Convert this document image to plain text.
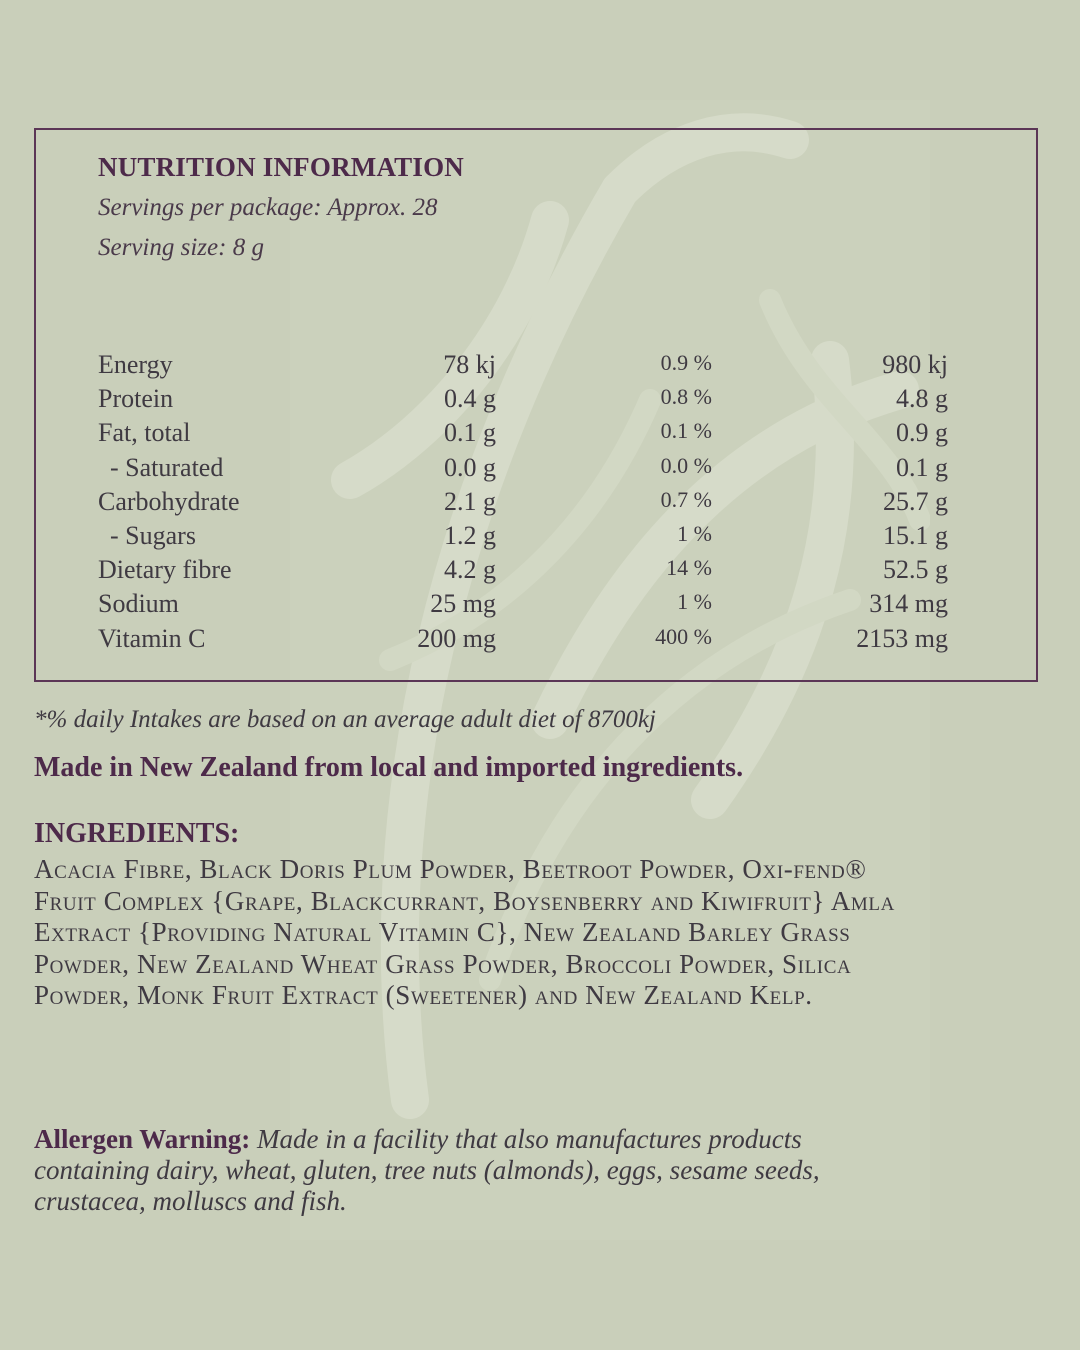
NUTRITION INFORMATION
Servings per package: Approx. 28
Serving size: 8 g
Energy	78 kj	0.9 %	980 kj
Protein	0.4 g	0.8 %	4.8 g
Fat, total	0.1 g	0.1 %	0.9 g
- Saturated	0.0 g	0.0 %	0.1 g
Carbohydrate	2.1 g	0.7 %	25.7 g
- Sugars	1.2 g	1 %	15.1 g
Dietary fibre	4.2 g	14 %	52.5 g
Sodium	25 mg	1 %	314 mg
Vitamin C	200 mg	400 %	2153 mg
*% daily Intakes are based on an average adult diet of 8700kj
Made in New Zealand from local and imported ingredients.
INGREDIENTS:
Acacia Fibre, Black Doris Plum Powder, Beetroot Powder, Oxi-fend® Fruit Complex {Grape, Blackcurrant, Boysenberry and Kiwifruit} Amla Extract {Providing Natural Vitamin C}, New Zealand Barley Grass Powder, New Zealand Wheat Grass Powder, Broccoli Powder, Silica Powder, Monk Fruit Extract (Sweetener) and New Zealand Kelp.
Allergen Warning: Made in a facility that also manufactures products containing dairy, wheat, gluten, tree nuts (almonds), eggs, sesame seeds, crustacea, molluscs and fish.
